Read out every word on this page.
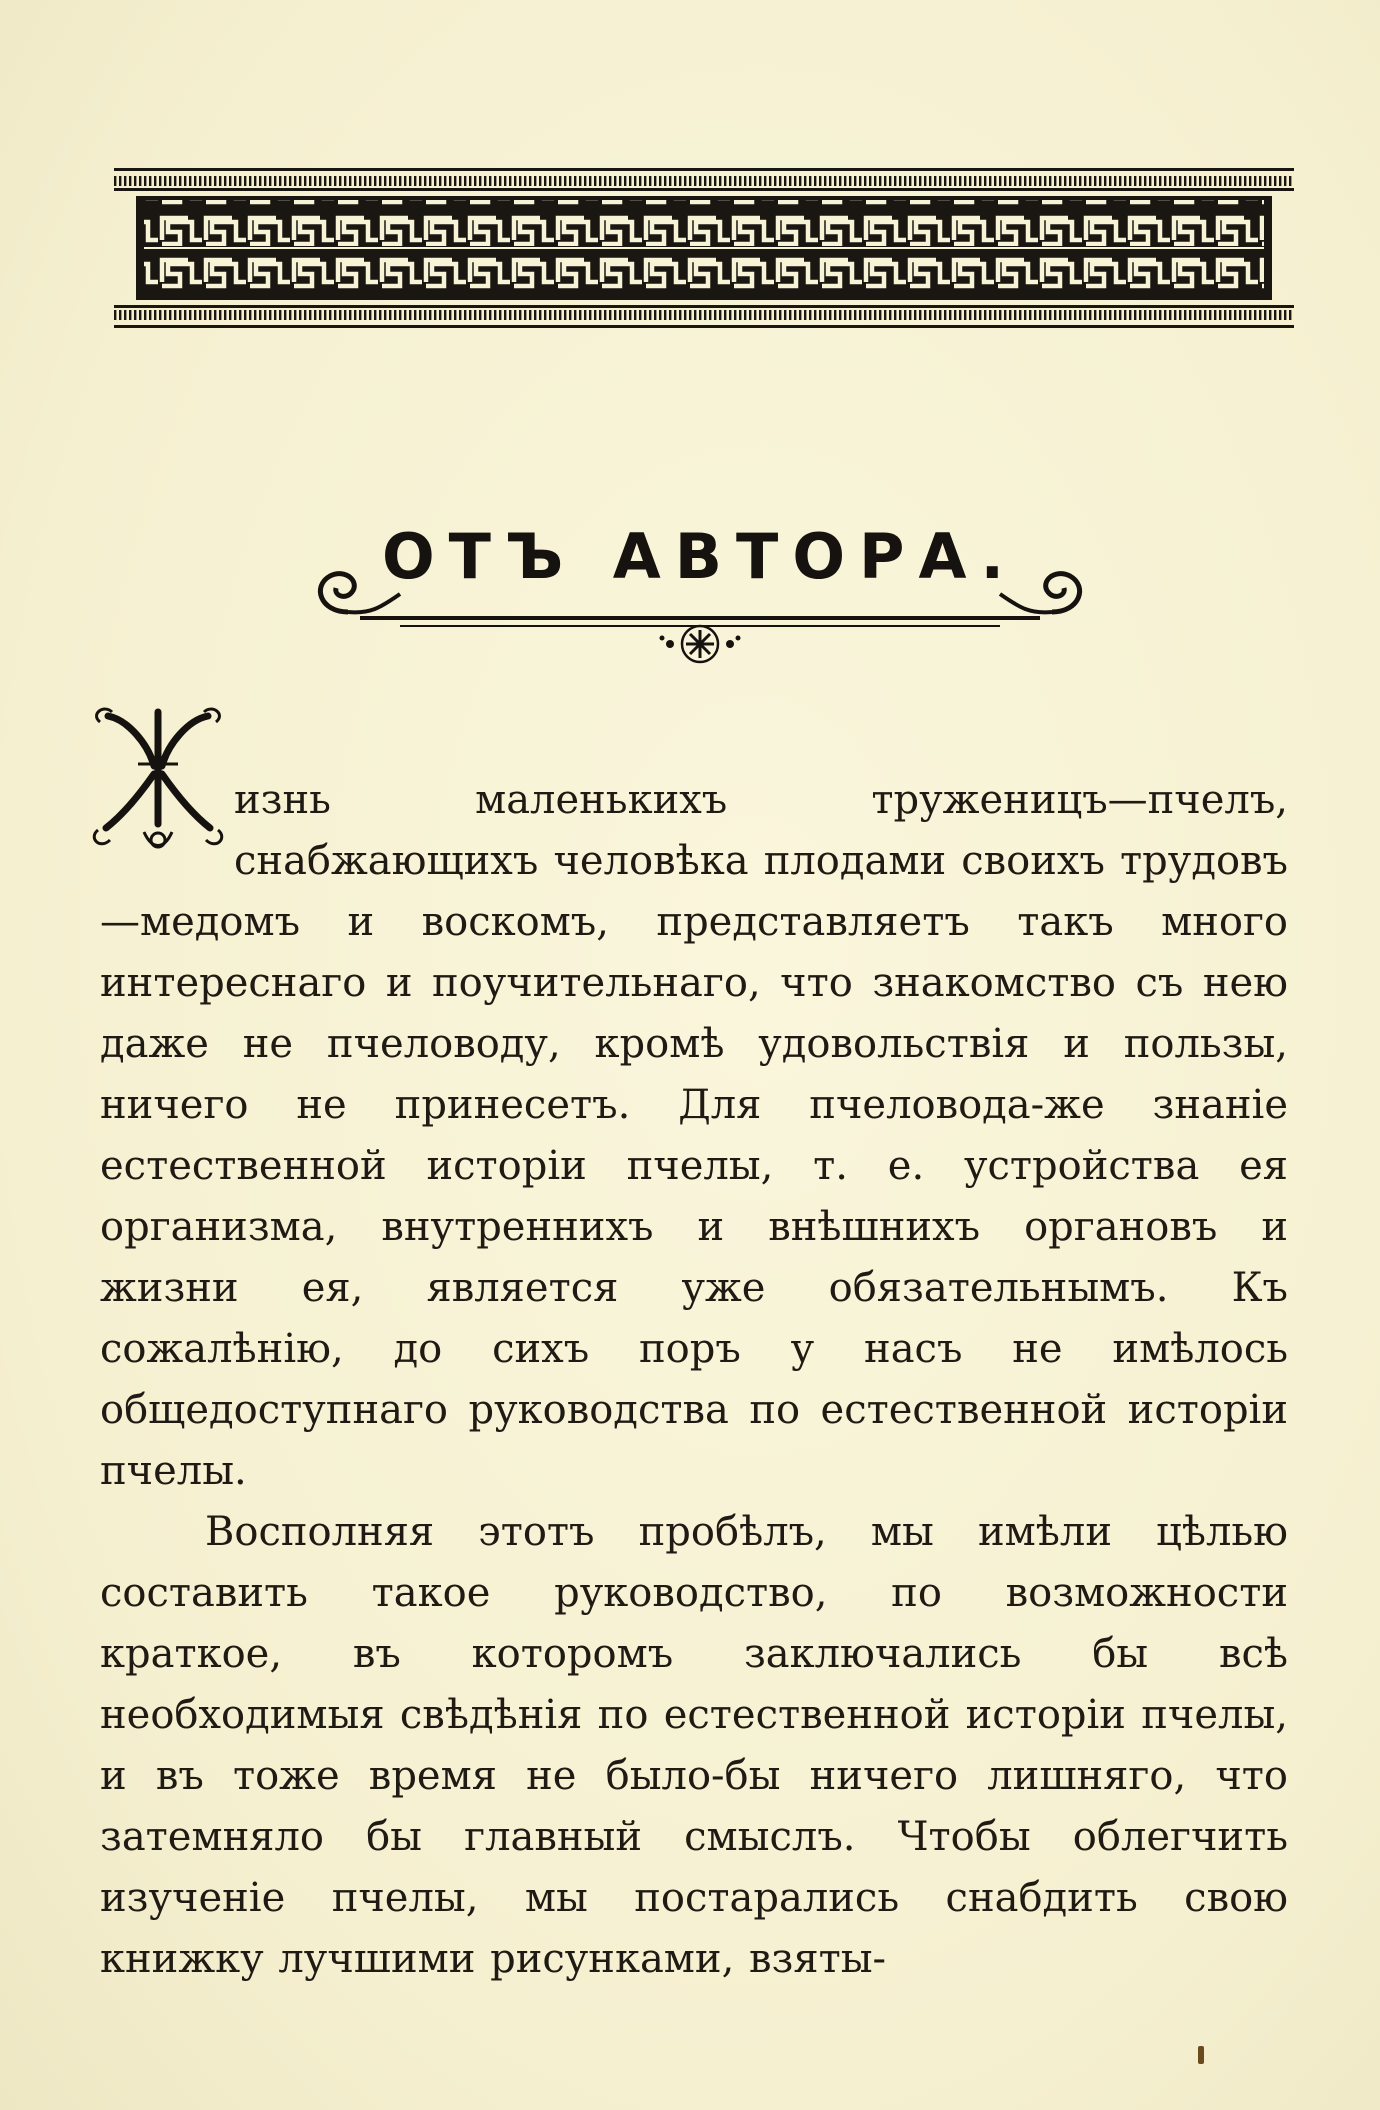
ОТЪ АВТОРА.

изнь маленькихъ труженицъ—пчелъ, снабжающихъ человѣка плодами своихъ трудовъ—медомъ и воскомъ, представляетъ такъ много интереснаго и поучительнаго, что знакомство съ нею даже не пчеловоду, кромѣ удовольствія и пользы, ничего не принесетъ. Для пчеловода-же знаніе естественной исторіи пчелы, т. е. устройства ея организма, внутреннихъ и внѣшнихъ органовъ и жизни ея, является уже обязательнымъ. Къ сожалѣнію, до сихъ поръ у насъ не имѣлось общедоступнаго руководства по естественной исторіи пчелы.

Восполняя этотъ пробѣлъ, мы имѣли цѣлью составить такое руководство, по возможности краткое, въ которомъ заключались бы всѣ необходимыя свѣдѣнія по естественной исторіи пчелы, и въ тоже время не было-бы ничего лишняго, что затемняло бы главный смыслъ. Чтобы облегчить изученіе пчелы, мы постарались снабдить свою книжку лучшими рисунками, взяты-
